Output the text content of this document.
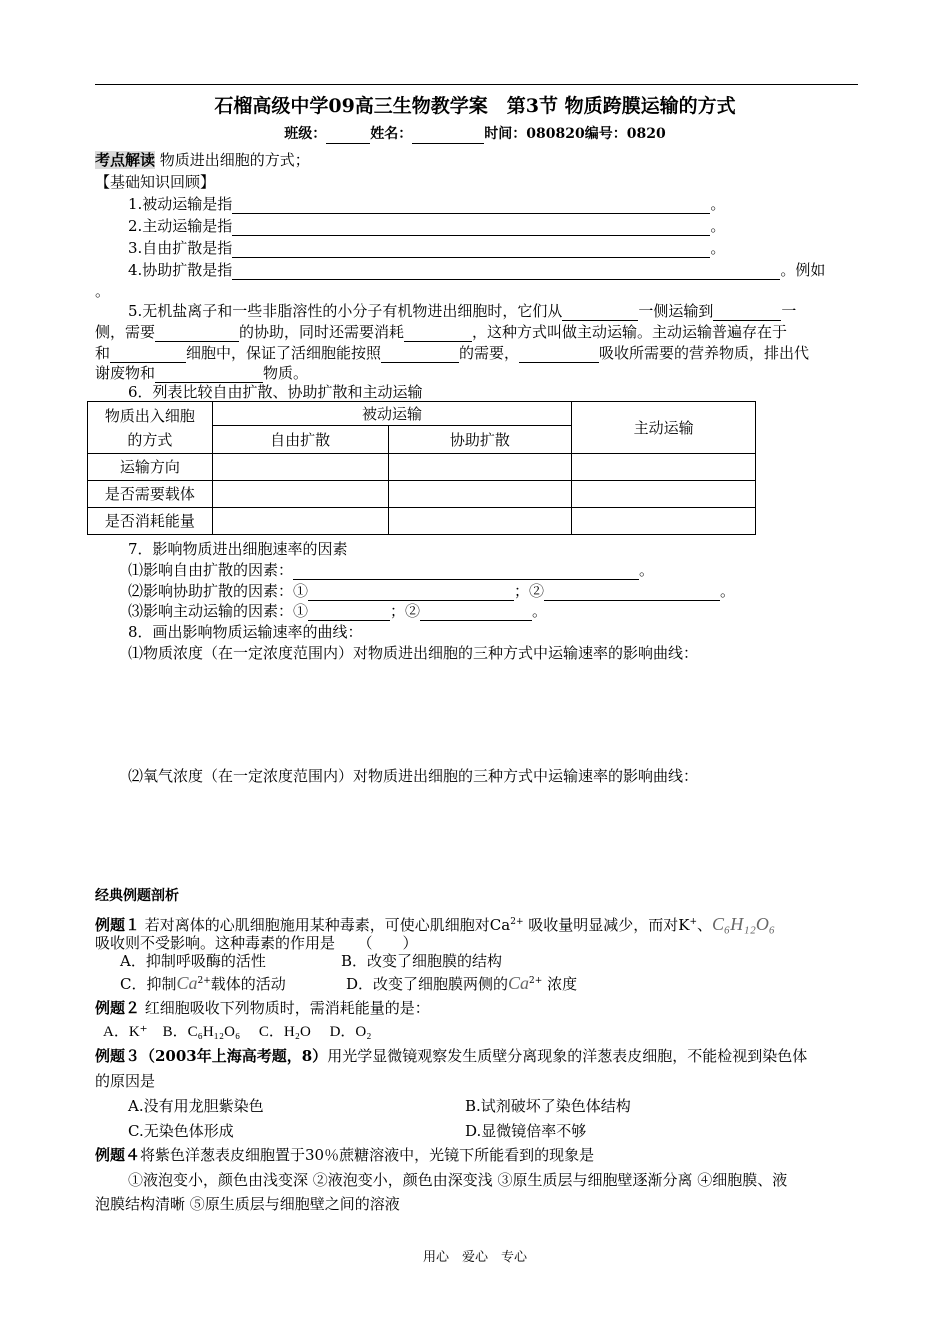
石榴高级中学09高三生物教学案　第3节 物质跨膜运输的方式
班级：	姓名：	时间：080820编号：0820
考点解读 物质进出细胞的方式；
【基础知识回顾】
1.被动运输是指	。
2.主动运输是指	。
3.自由扩散是指	。
4.协助扩散是指	。例如
。
5.无机盐离子和一些非脂溶性的小分子有机物进出细胞时，它们从	一侧运输到	一
侧，需要	的协助，同时还需要消耗	，这种方式叫做主动运输。主动运输普遍存在于
和	细胞中，保证了活细胞能按照	的需要，	吸收所需要的营养物质，排出代
谢废物和	物质。
6．列表比较自由扩散、协助扩散和主动运输
物质出入细胞
的方式	被动运输		主动运输
	自由扩散	协助扩散	
运输方向			
是否需要载体			
是否消耗能量			
7．影响物质进出细胞速率的因素
⑴影响自由扩散的因素：	。
⑵影响协助扩散的因素：①	；②	。
⑶影响主动运输的因素：①	；②	。
8．画出影响物质运输速率的曲线：
⑴物质浓度（在一定浓度范围内）对物质进出细胞的三种方式中运输速率的影响曲线：
⑵氧气浓度（在一定浓度范围内）对物质进出细胞的三种方式中运输速率的影响曲线：
经典例题剖析
例题１ 若对离体的心肌细胞施用某种毒素，可使心肌细胞对$Ca^{2+}$ 吸收量明显减少，而对K+、C₆H₁₂O₆
吸收则不受影响。这种毒素的作用是　　（　　）
A．抑制呼吸酶的活性	B．改变了细胞膜的结构
C．抑制$Ca^{2+}$载体的活动	D．改变了细胞膜两侧的$Ca^{2+}$ 浓度
例题２ 红细胞吸收下列物质时，需消耗能量的是：
A．K⁺　B．C₆H₁₂O₆　 C．H₂O　 D．O₂
例题３（2003年上海高考题，8）用光学显微镜观察发生质壁分离现象的洋葱表皮细胞，不能检视到染色体
的原因是
A.没有用龙胆紫染色	B.试剂破坏了染色体结构
C.无染色体形成	D.显微镜倍率不够
例题４将紫色洋葱表皮细胞置于30％蔗糖溶液中，光镜下所能看到的现象是
①液泡变小，颜色由浅变深 ②液泡变小，颜色由深变浅 ③原生质层与细胞壁逐渐分离 ④细胞膜、液
泡膜结构清晰 ⑤原生质层与细胞壁之间的溶液
用心　爱心　专心
